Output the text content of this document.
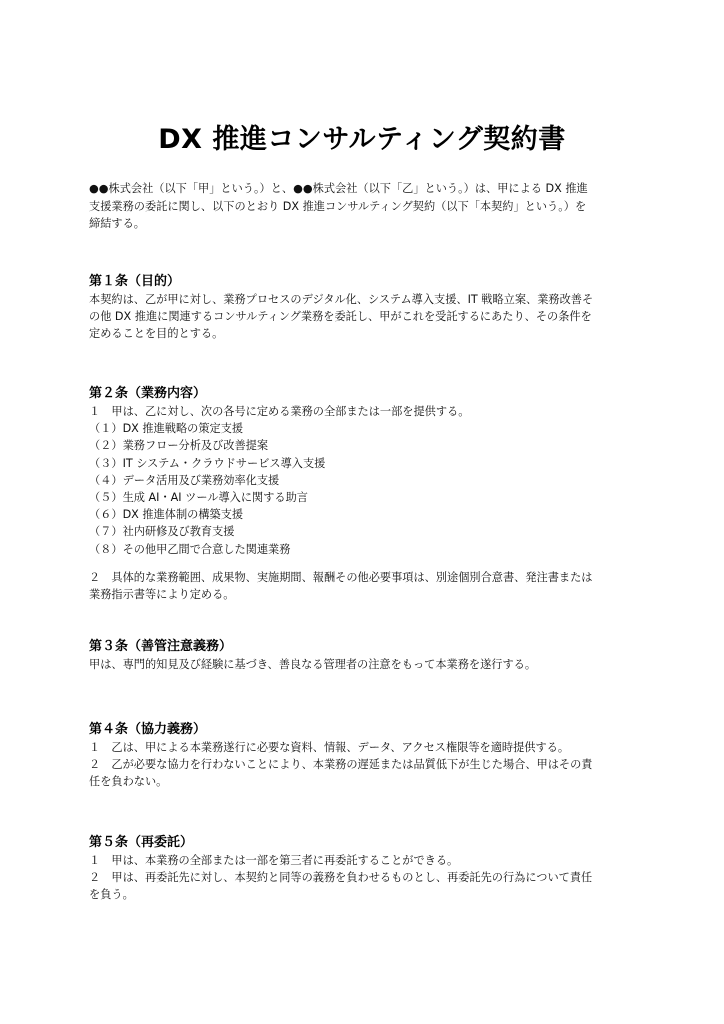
DX 推進コンサルティング契約書

●●株式会社（以下「甲」という。）と、●●株式会社（以下「乙」という。）は、甲による DX 推進

支援業務の委託に関し、以下のとおり DX 推進コンサルティング契約（以下「本契約」という。）を

締結する。

第１条（目的）

本契約は、乙が甲に対し、業務プロセスのデジタル化、システム導入支援、IT 戦略立案、業務改善そ

の他 DX 推進に関連するコンサルティング業務を委託し、甲がこれを受託するにあたり、その条件を

定めることを目的とする。

第２条（業務内容）

１　甲は、乙に対し、次の各号に定める業務の全部または一部を提供する。

（１）DX 推進戦略の策定支援
（２）業務フロー分析及び改善提案
（３）IT システム・クラウドサービス導入支援
（４）データ活用及び業務効率化支援
（５）生成 AI・AI ツール導入に関する助言
（６）DX 推進体制の構築支援
（７）社内研修及び教育支援
（８）その他甲乙間で合意した関連業務

２　具体的な業務範囲、成果物、実施期間、報酬その他必要事項は、別途個別合意書、発注書または

業務指示書等により定める。

第３条（善管注意義務）

甲は、専門的知見及び経験に基づき、善良なる管理者の注意をもって本業務を遂行する。

第４条（協力義務）

１　乙は、甲による本業務遂行に必要な資料、情報、データ、アクセス権限等を適時提供する。

２　乙が必要な協力を行わないことにより、本業務の遅延または品質低下が生じた場合、甲はその責

任を負わない。

第５条（再委託）

１　甲は、本業務の全部または一部を第三者に再委託することができる。

２　甲は、再委託先に対し、本契約と同等の義務を負わせるものとし、再委託先の行為について責任

を負う。
